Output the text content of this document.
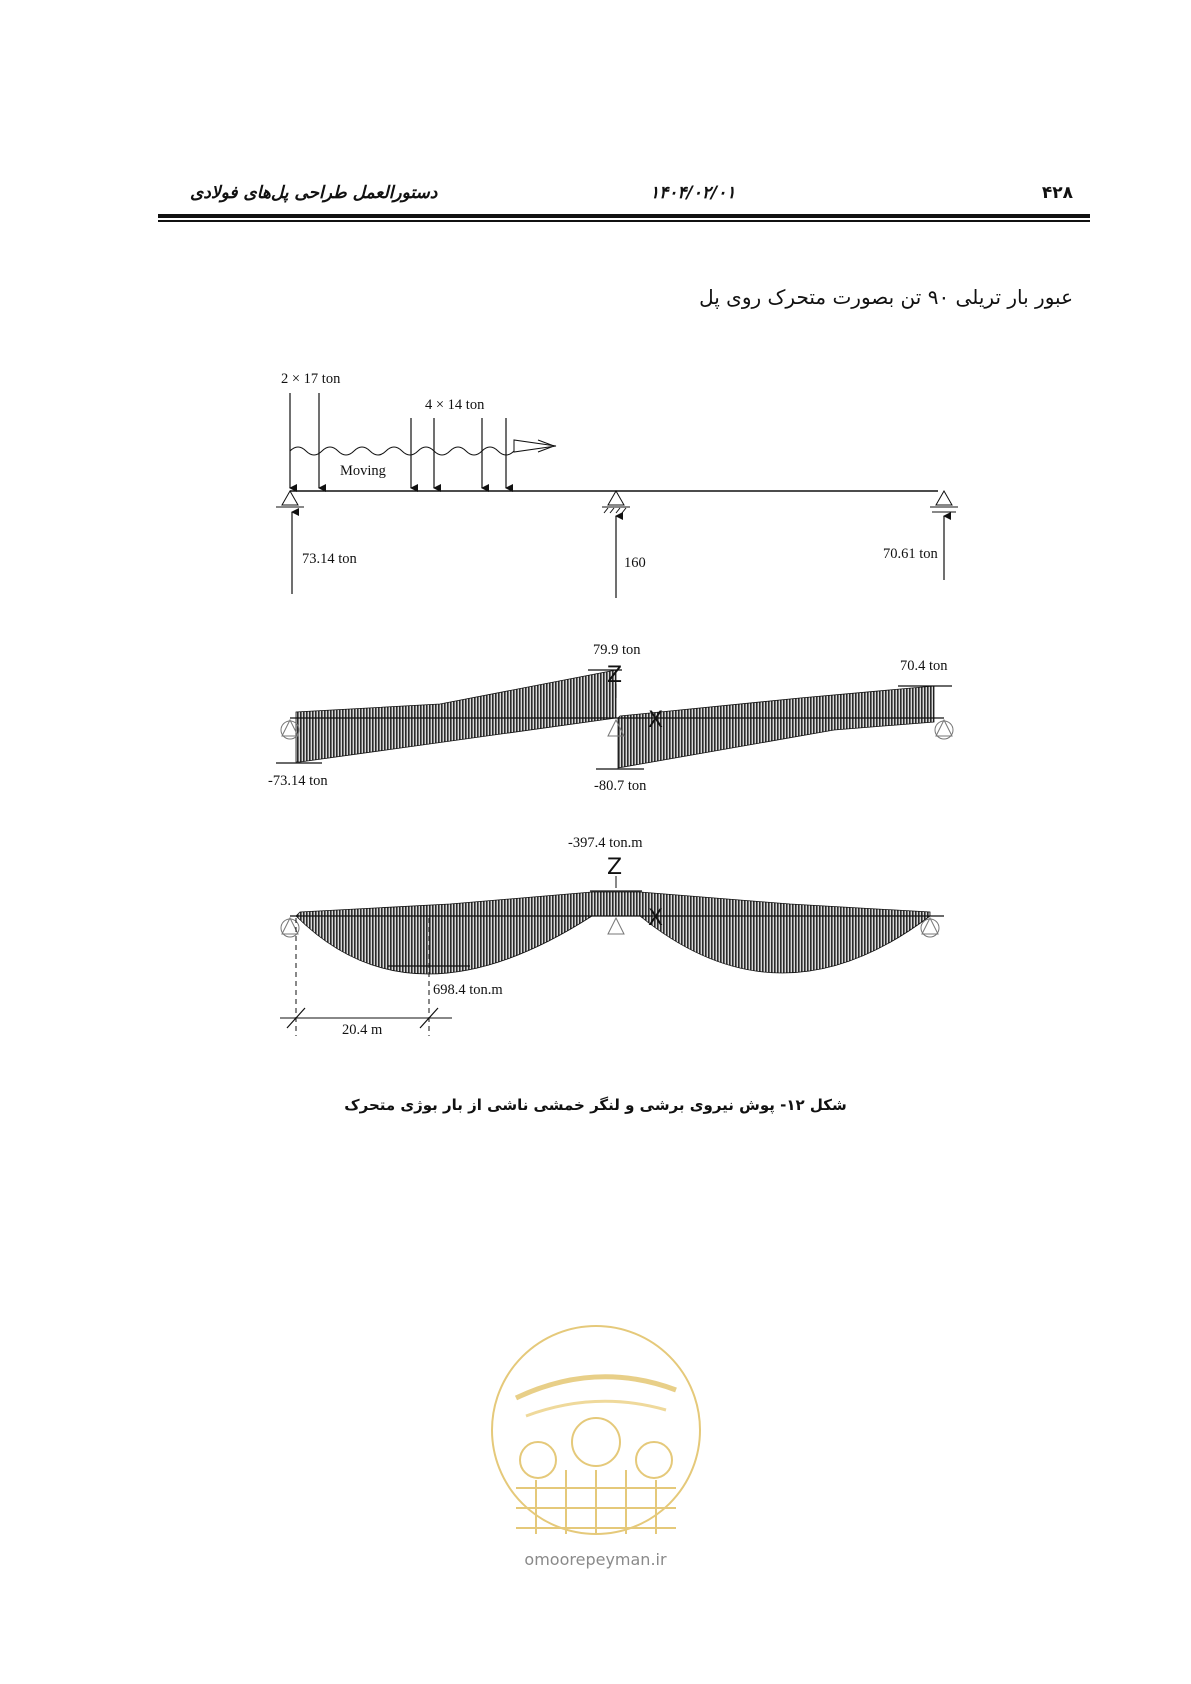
۴۲۸
۱۴۰۴/۰۲/۰۱
دستورالعمل طراحی پل‌های فولادی
عبور بار تریلی ۹۰ تن بصورت متحرک روی پل
2 × 17 ton
4 × 14 ton
Moving
73.14 ton	160
70.61 ton
Z
X
79.9 ton
70.4 ton
-73.14 ton	-80.7 ton
Z
X
-397.4 ton.m
698.4 ton.m
20.4 m
شکل ۱۲- پوش نیروی برشی و لنگر خمشی ناشی از بار بوژی متحرک
omoorepeyman.ir
